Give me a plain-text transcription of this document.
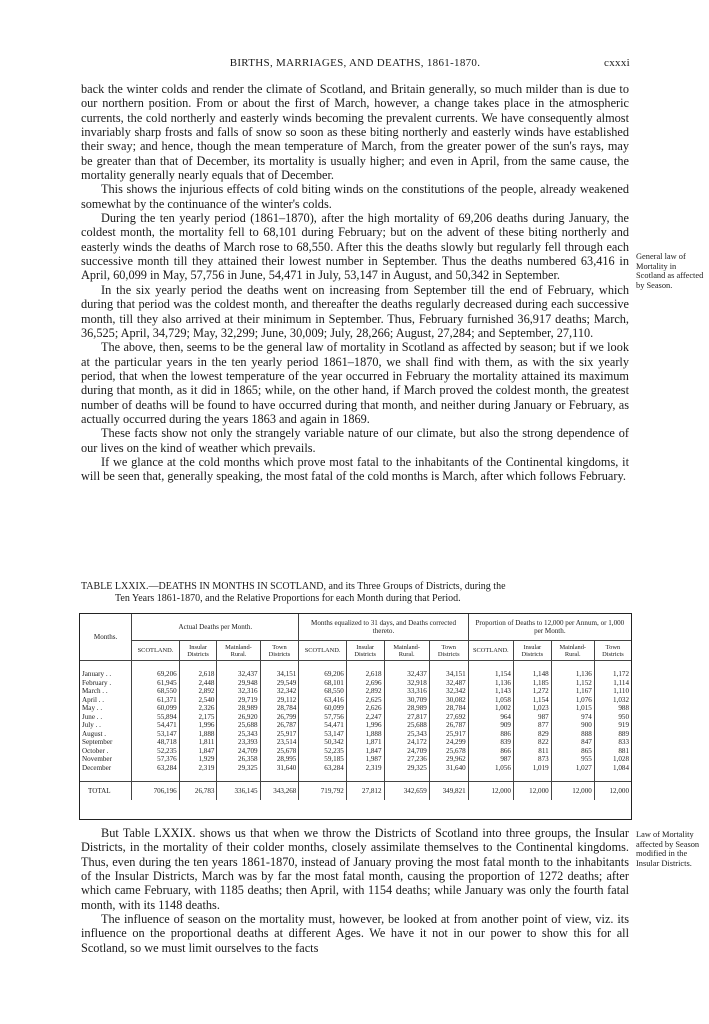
BIRTHS, MARRIAGES, AND DEATHS, 1861-1870.	cxxxi

back the winter colds and render the climate of Scotland, and Britain generally, so much milder than is due to our northern position. From or about the first of March, however, a change takes place in the atmospheric currents, the cold northerly and easterly winds becoming the prevalent currents. We have consequently almost invariably sharp frosts and falls of snow so soon as these biting northerly and easterly winds have established their sway; and hence, though the mean temperature of March, from the greater power of the sun's rays, may be greater than that of December, its mortality is usually higher; and even in April, from the same cause, the mortality generally nearly equals that of December.

This shows the injurious effects of cold biting winds on the constitutions of the people, already weakened somewhat by the continuance of the winter's colds.

During the ten yearly period (1861–1870), after the high mortality of 69,206 deaths during January, the coldest month, the mortality fell to 68,101 during February; but on the advent of these biting northerly and easterly winds the deaths of March rose to 68,550. After this the deaths slowly but regularly fell through each successive month till they attained their lowest number in September. Thus the deaths numbered 63,416 in April, 60,099 in May, 57,756 in June, 54,471 in July, 53,147 in August, and 50,342 in September.

In the six yearly period the deaths went on increasing from September till the end of February, which during that period was the coldest month, and thereafter the deaths regularly decreased during each successive month, till they also arrived at their minimum in September. Thus, February furnished 36,917 deaths; March, 36,525; April, 34,729; May, 32,299; June, 30,009; July, 28,266; August, 27,284; and September, 27,110.

The above, then, seems to be the general law of mortality in Scotland as affected by season; but if we look at the particular years in the ten yearly period 1861–1870, we shall find with them, as with the six yearly period, that when the lowest temperature of the year occurred in February the mortality attained its maximum during that month, as it did in 1865; while, on the other hand, if March proved the coldest month, the greatest number of deaths will be found to have occurred during that month, and neither during January or February, as actually occurred during the years 1863 and again in 1869.

These facts show not only the strangely variable nature of our climate, but also the strong dependence of our lives on the kind of weather which prevails.

If we glance at the cold months which prove most fatal to the inhabitants of the Continental kingdoms, it will be seen that, generally speaking, the most fatal of the cold months is March, after which follows February.

General law of Mortality in Scotland as affected by Season.
TABLE LXXIX.—DEATHS IN MONTHS IN SCOTLAND, and its Three Groups of Districts, during the
Ten Years 1861-1870, and the Relative Proportions for each Month during that Period.
Months.	Actual Deaths per Month.				Months equalized to 31 days, and Deaths corrected thereto.				Proportion of Deaths to 12,000 per Annum, or 1,000 per Month.			
	SCOTLAND.	Insular Districts	Mainland-Rural.	Town Districts	SCOTLAND.	Insular Districts	Mainland-Rural.	Town Districts	SCOTLAND.	Insular Districts	Mainland-Rural.	Town Districts

January . .	69,206	2,618	32,437	34,151	69,206	2,618	32,437	34,151	1,154	1,148	1,136	1,172
February .	61,945	2,448	29,948	29,549	68,101	2,696	32,918	32,487	1,136	1,185	1,152	1,114
March . .	68,550	2,892	32,316	32,342	68,550	2,892	33,316	32,342	1,143	1,272	1,167	1,110
April . .	61,371	2,540	29,719	29,112	63,416	2,625	30,709	30,082	1,058	1,154	1,076	1,032
May . .	60,099	2,326	28,989	28,784	60,099	2,626	28,989	28,784	1,002	1,023	1,015	988
June . .	55,894	2,175	26,920	26,799	57,756	2,247	27,817	27,692	964	987	974	950
July . .	54,471	1,996	25,688	26,787	54,471	1,996	25,688	26,787	909	877	900	919
August .	53,147	1,888	25,343	25,917	53,147	1,888	25,343	25,917	886	829	888	889
September	48,718	1,811	23,393	23,514	50,342	1,871	24,172	24,299	839	822	847	833
October .	52,235	1,847	24,709	25,678	52,235	1,847	24,709	25,678	866	811	865	881
November	57,376	1,929	26,358	28,995	59,185	1,987	27,236	29,962	987	873	955	1,028
December	63,284	2,319	29,325	31,640	63,284	2,319	29,325	31,640	1,056	1,019	1,027	1,084

TOTAL	706,196	26,783	336,145	343,268	719,792	27,812	342,659	349,821	12,000	12,000	12,000	12,000

But Table LXXIX. shows us that when we throw the Districts of Scotland into three groups, the Insular Districts, in the mortality of their colder months, closely assimilate themselves to the Continental kingdoms. Thus, even during the ten years 1861-1870, instead of January proving the most fatal month to the inhabitants of the Insular Districts, March was by far the most fatal month, causing the proportion of 1272 deaths; after which came February, with 1185 deaths; then April, with 1154 deaths; while January was only the fourth fatal month, with its 1148 deaths.

The influence of season on the mortality must, however, be looked at from another point of view, viz. its influence on the proportional deaths at different Ages. We have it not in our power to show this for all Scotland, so we must limit ourselves to the facts

Law of Mortality affected by Season modified in the Insular Districts.
